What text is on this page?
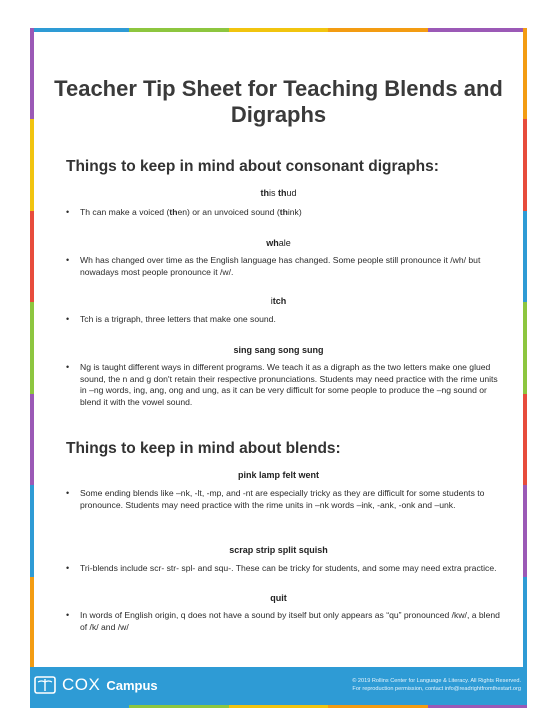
Teacher Tip Sheet for Teaching Blends and Digraphs
Things to keep in mind about consonant digraphs:
this thud
• Th can make a voiced (then) or an unvoiced sound (think)
whale
• Wh has changed over time as the English language has changed. Some people still pronounce it /wh/ but nowadays most people pronounce it /w/.
itch
• Tch is a trigraph, three letters that make one sound.
sing sang song sung
• Ng is taught different ways in different programs. We teach it as a digraph as the two letters make one glued sound, the n and g don't retain their respective pronunciations. Students may need practice with the rime units in –ng words, ing, ang, ong and ung, as it can be very difficult for some people to produce the –ng sound or blend it with the vowel sound.
Things to keep in mind about blends:
pink lamp felt went
• Some ending blends like –nk, -lt, -mp, and -nt are especially tricky as they are difficult for some students to pronounce. Students may need practice with the rime units in –nk words –ink, -ank, -onk and –unk.
scrap strip split squish
• Tri-blends include scr- str- spl- and squ-. These can be tricky for students, and some may need extra practice.
quit
• In words of English origin, q does not have a sound by itself but only appears as “qu” pronounced /kw/, a blend of /k/ and /w/
COX Campus	© 2019 Rollins Center for Language & Literacy. All Rights Reserved.
For reproduction permission, contact info@readrightfromthestart.org
